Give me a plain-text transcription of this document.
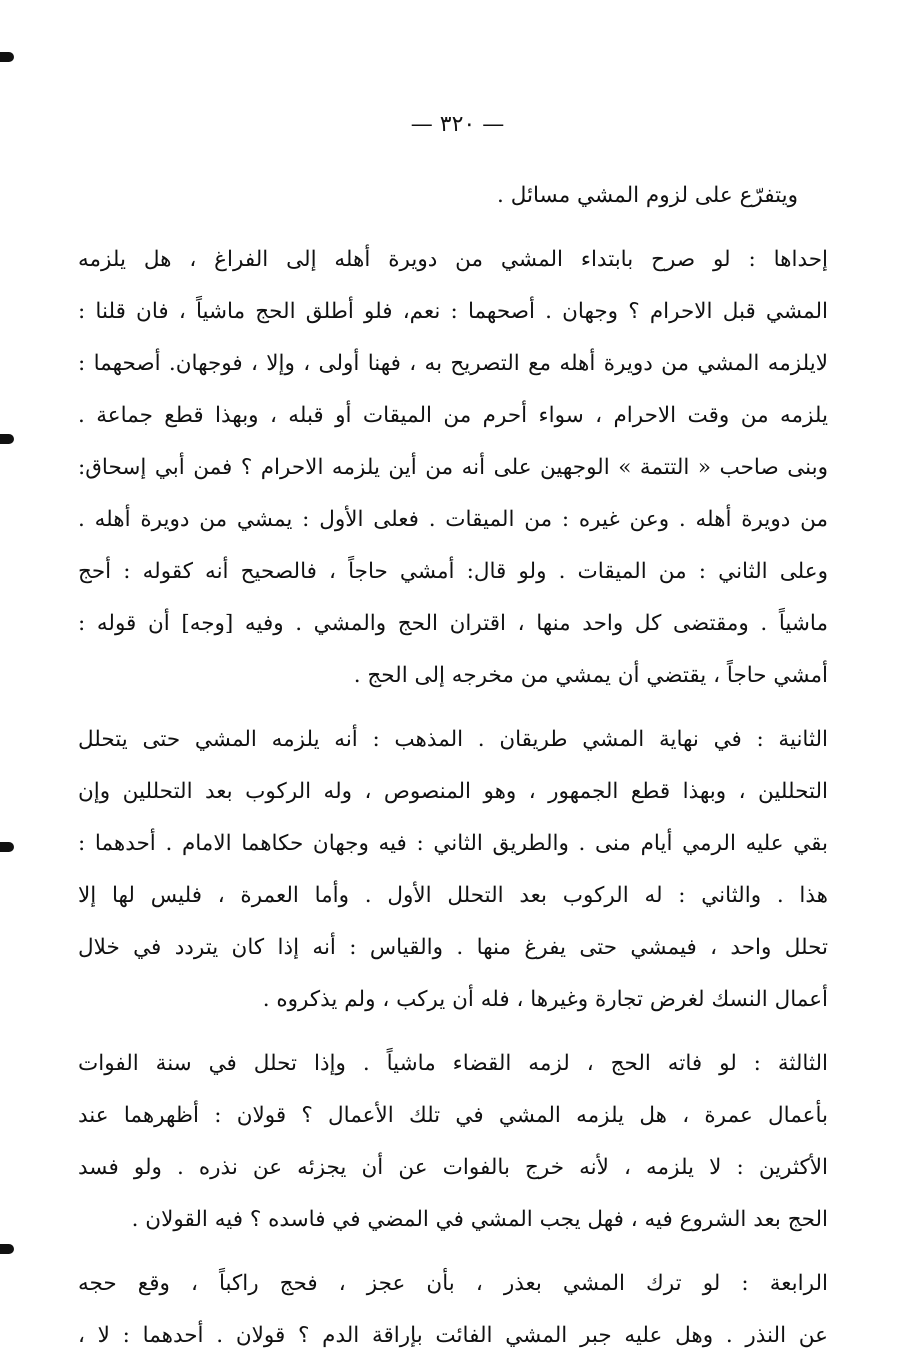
— ٣٢٠ —
ويتفرّع على لزوم المشي مسائل .
إحداها : لو صرح بابتداء المشي من دويرة أهله إلى الفراغ ، هل يلزمه
المشي قبل الاحرام ؟ وجهان . أصحهما : نعم، فلو أطلق الحج ماشياً ، فان قلنا :
لايلزمه المشي من دويرة أهله مع التصريح به ، فهنا أولى ، وإلا ، فوجهان. أصحهما :
يلزمه من وقت الاحرام ، سواء أحرم من الميقات أو قبله ، وبهذا قطع جماعة .
وبنى صاحب « التتمة » الوجهين على أنه من أين يلزمه الاحرام ؟ فمن أبي إسحاق:
من دويرة أهله . وعن غيره : من الميقات . فعلى الأول : يمشي من دويرة أهله .
وعلى الثاني : من الميقات . ولو قال: أمشي حاجاً ، فالصحيح أنه كقوله : أحج
ماشياً . ومقتضى كل واحد منها ، اقتران الحج والمشي . وفيه [وجه] أن قوله :
أمشي حاجاً ، يقتضي أن يمشي من مخرجه إلى الحج .
الثانية : في نهاية المشي طريقان . المذهب : أنه يلزمه المشي حتى يتحلل
التحللين ، وبهذا قطع الجمهور ، وهو المنصوص ، وله الركوب بعد التحللين وإن
بقي عليه الرمي أيام منى . والطريق الثاني : فيه وجهان حكاهما الامام . أحدهما :
هذا . والثاني : له الركوب بعد التحلل الأول . وأما العمرة ، فليس لها إلا
تحلل واحد ، فيمشي حتى يفرغ منها . والقياس : أنه إذا كان يتردد في خلال
أعمال النسك لغرض تجارة وغيرها ، فله أن يركب ، ولم يذكروه .
الثالثة : لو فاته الحج ، لزمه القضاء ماشياً . وإذا تحلل في سنة الفوات
بأعمال عمرة ، هل يلزمه المشي في تلك الأعمال ؟ قولان : أظهرهما عند
الأكثرين : لا يلزمه ، لأنه خرج بالفوات عن أن يجزئه عن نذره . ولو فسد
الحج بعد الشروع فيه ، فهل يجب المشي في المضي في فاسده ؟ فيه القولان .
الرابعة : لو ترك المشي بعذر ، بأن عجز ، فحج راكباً ، وقع حجه
عن النذر . وهل عليه جبر المشي الفائت بإراقة الدم ؟ قولان . أحدهما : لا ،
